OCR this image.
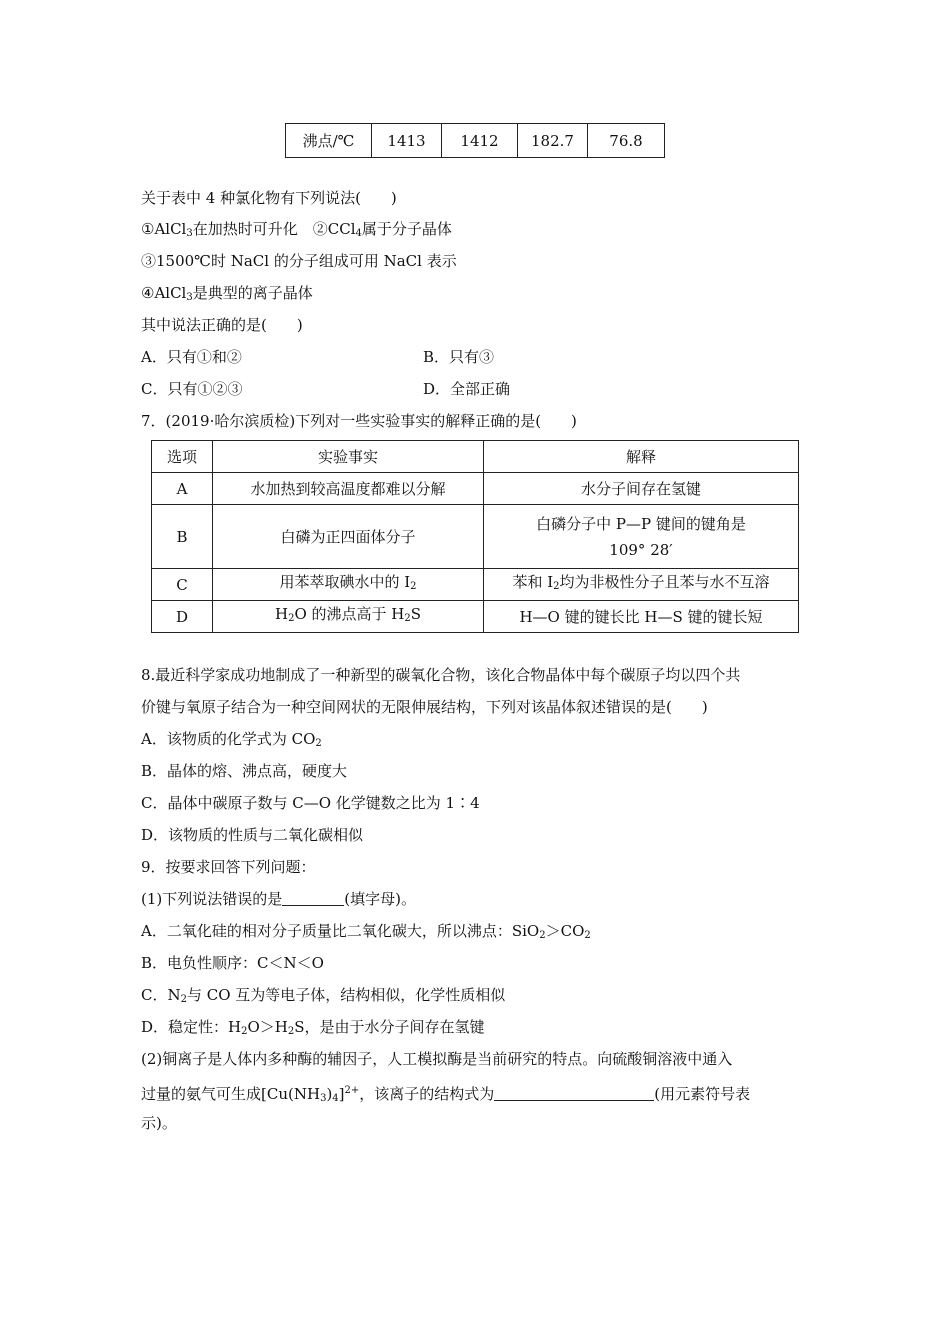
沸点/℃	1413	1412	182.7	76.8
关于表中 4 种氯化物有下列说法(　　)
①AlCl$_3$在加热时可升化　②CCl$_4$属于分子晶体
③1500℃时 NaCl 的分子组成可用 NaCl 表示
④AlCl$_3$是典型的离子晶体
其中说法正确的是(　　)
A．只有①和②	B．只有③
C．只有①②③	D．全部正确
7．(2019·哈尔滨质检)下列对一些实验事实的解释正确的是(　　)
选项	实验事实	解释
A	水加热到较高温度都难以分解	水分子间存在氢键
B	白磷为正四面体分子	白磷分子中 P—P 键间的键角是
109° 28′

C	用苯萃取碘水中的 $I_2$	苯和 $I_2$均为非极性分子且苯与水不互溶
D	$H_2O$ 的沸点高于 $H_2S$	H—O 键的键长比 H—S 键的键长短
8.最近科学家成功地制成了一种新型的碳氧化合物，该化合物晶体中每个碳原子均以四个共
价键与氧原子结合为一种空间网状的无限伸展结构，下列对该晶体叙述错误的是(　　)
A．该物质的化学式为 $CO_2$
B．晶体的熔、沸点高，硬度大
C．晶体中碳原子数与 C—O 化学键数之比为 1∶4
D．该物质的性质与二氧化碳相似
9．按要求回答下列问题：
(1)下列说法错误的是	(填字母)。
A．二氧化硅的相对分子质量比二氧化碳大，所以沸点：$SiO_2>CO_2$
B．电负性顺序：C＜N＜O
C．$N_2$与 CO 互为等电子体，结构相似，化学性质相似
D．稳定性：$H_2O>H_2S$，是由于水分子间存在氢键
(2)铜离子是人体内多种酶的辅因子，人工模拟酶是当前研究的特点。向硫酸铜溶液中通入
过量的氨气可生成$[Cu(NH_3)_4]^{2+}$，该离子的结构式为	(用元素符号表
示)。
